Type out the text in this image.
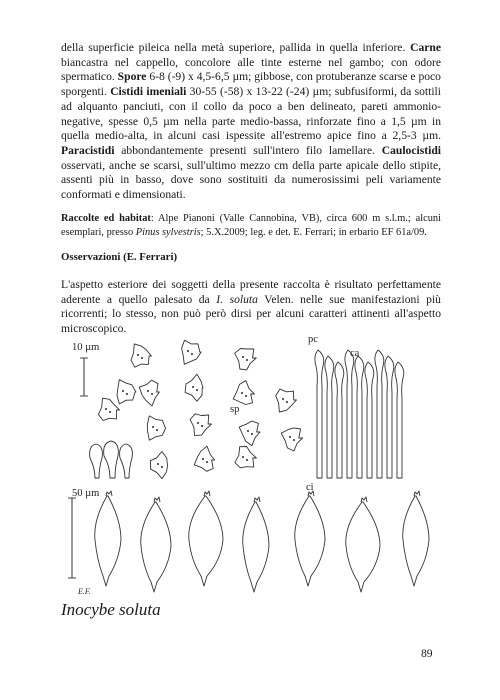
della superficie pileica nella metà superiore, pallida in quella inferiore. Carne biancastra nel cappello, concolore alle tinte esterne nel gambo; con odore spermatico. Spore 6-8 (-9) x 4,5-6,5 µm; gibbose, con protuberanze scarse e poco sporgenti. Cistidi imeniali 30-55 (-58) x 13-22 (-24) µm; subfusiformi, da sottili ad alquanto panciuti, con il collo da poco a ben delineato, pareti ammonio-negative, spesse 0,5 µm nella parte medio-bassa, rinforzate fino a 1,5 µm in quella medio-alta, in alcuni casi ispessite all'estremo apice fino a 2,5-3 µm. Paracistidi abbondantemente presenti sull'intero filo lamellare. Caulocistidi osservati, anche se scarsi, sull'ultimo mezzo cm della parte apicale dello stipite, assenti più in basso, dove sono sostituiti da numerosissimi peli variamente conformati e dimensionati.
Raccolte ed habitat: Alpe Pianoni (Valle Cannobina, VB), circa 600 m s.l.m.; alcuni esemplari, presso Pinus sylvestris; 5.X.2009; leg. e det. E. Ferrari; in erbario EF 61a/09.
Osservazioni (E. Ferrari)
L'aspetto esteriore dei soggetti della presente raccolta è risultato perfettamente aderente a quello palesato da I. soluta Velen. nelle sue manifestazioni più ricorrenti; lo stesso, non può però dirsi per alcuni caratteri attinenti all'aspetto microscopico.
10 µm
50 µm
pc
ca
sp
ci
E.F.
Inocybe soluta
89
